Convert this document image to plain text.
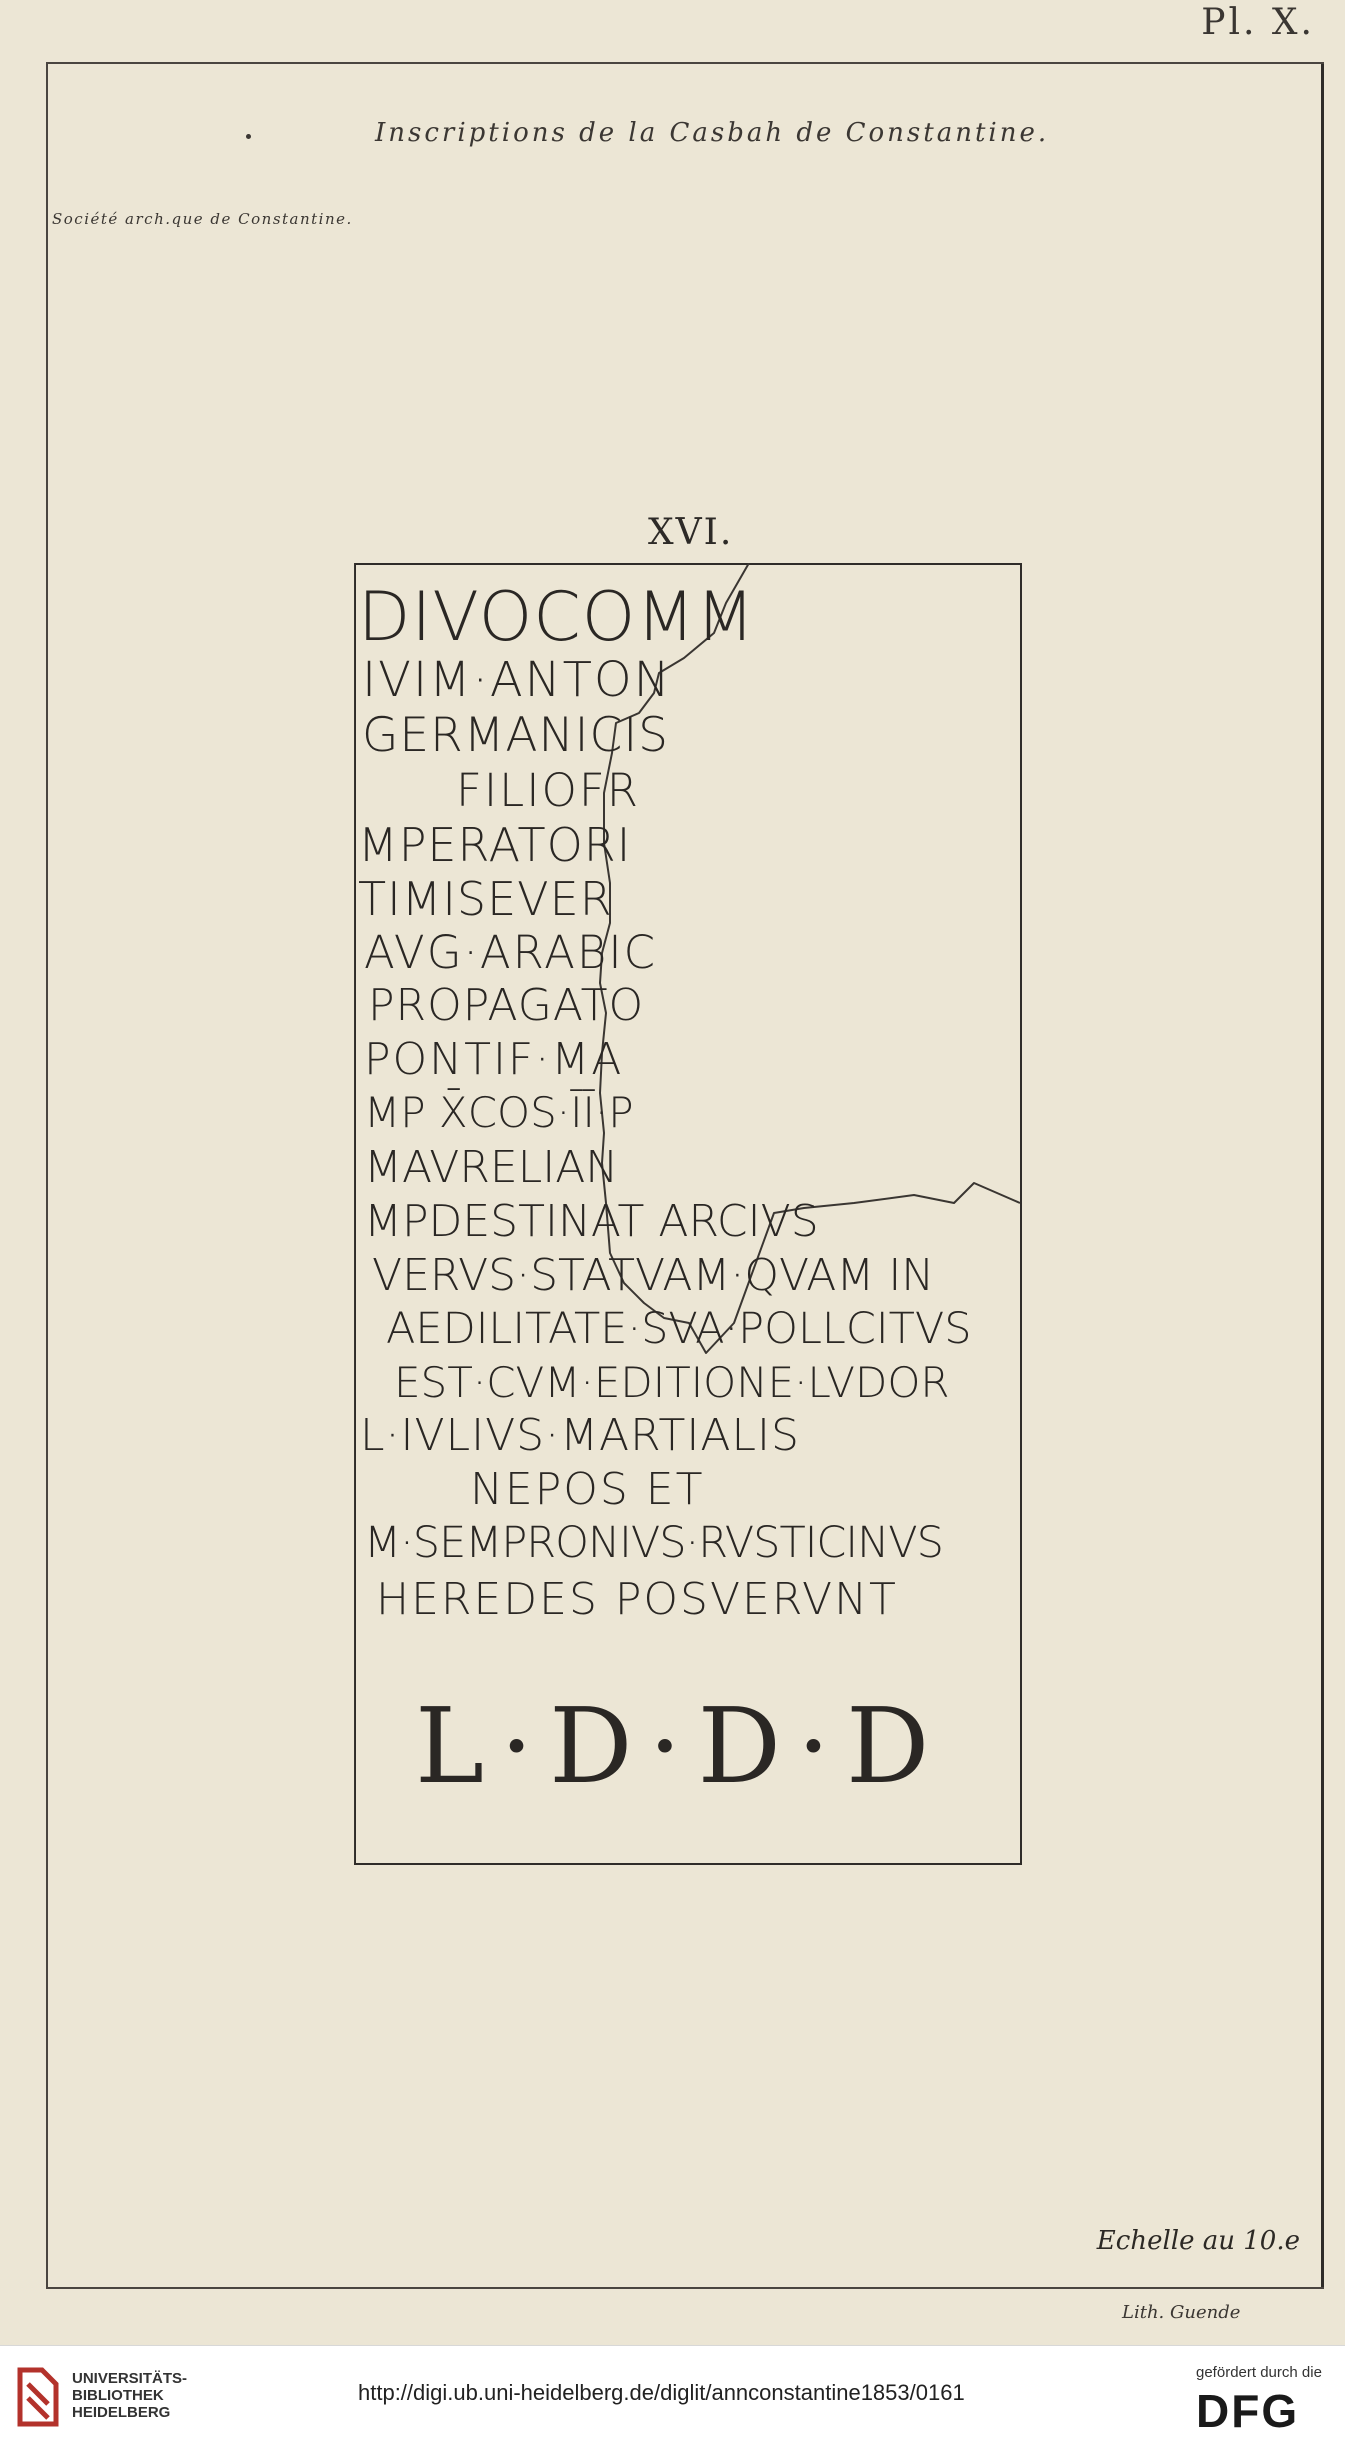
Pl. X.
Inscriptions de la Casbah de Constantine.
Société arch.que de Constantine.
XVI.
DIVOCOMM
IVIM·ANTON
GERMANICIS
FILIOFR
MPERATORI
TIMISEVER
AVG·ARABIC
PROPAGATO
PONTIF·MA
MP X̄COS·ĪĪ·P
MAVRELIAN
MPDESTINAT ARCIVS
VERVS·STATVAM·QVAM IN
AEDILITATE·SVA·POLLCITVS
EST·CVM·EDITIONE·LVDOR
L·IVLIVS·MARTIALIS
NEPOS ET
M·SEMPRONIVS·RVSTICINVS
HEREDES POSVERVNT
L·D·D·D
Echelle au 10.e
Lith. Guende
UNIVERSITÄTS-
BIBLIOTHEK
HEIDELBERG
http://digi.ub.uni-heidelberg.de/diglit/annconstantine1853/0161
gefördert durch die
DFG
